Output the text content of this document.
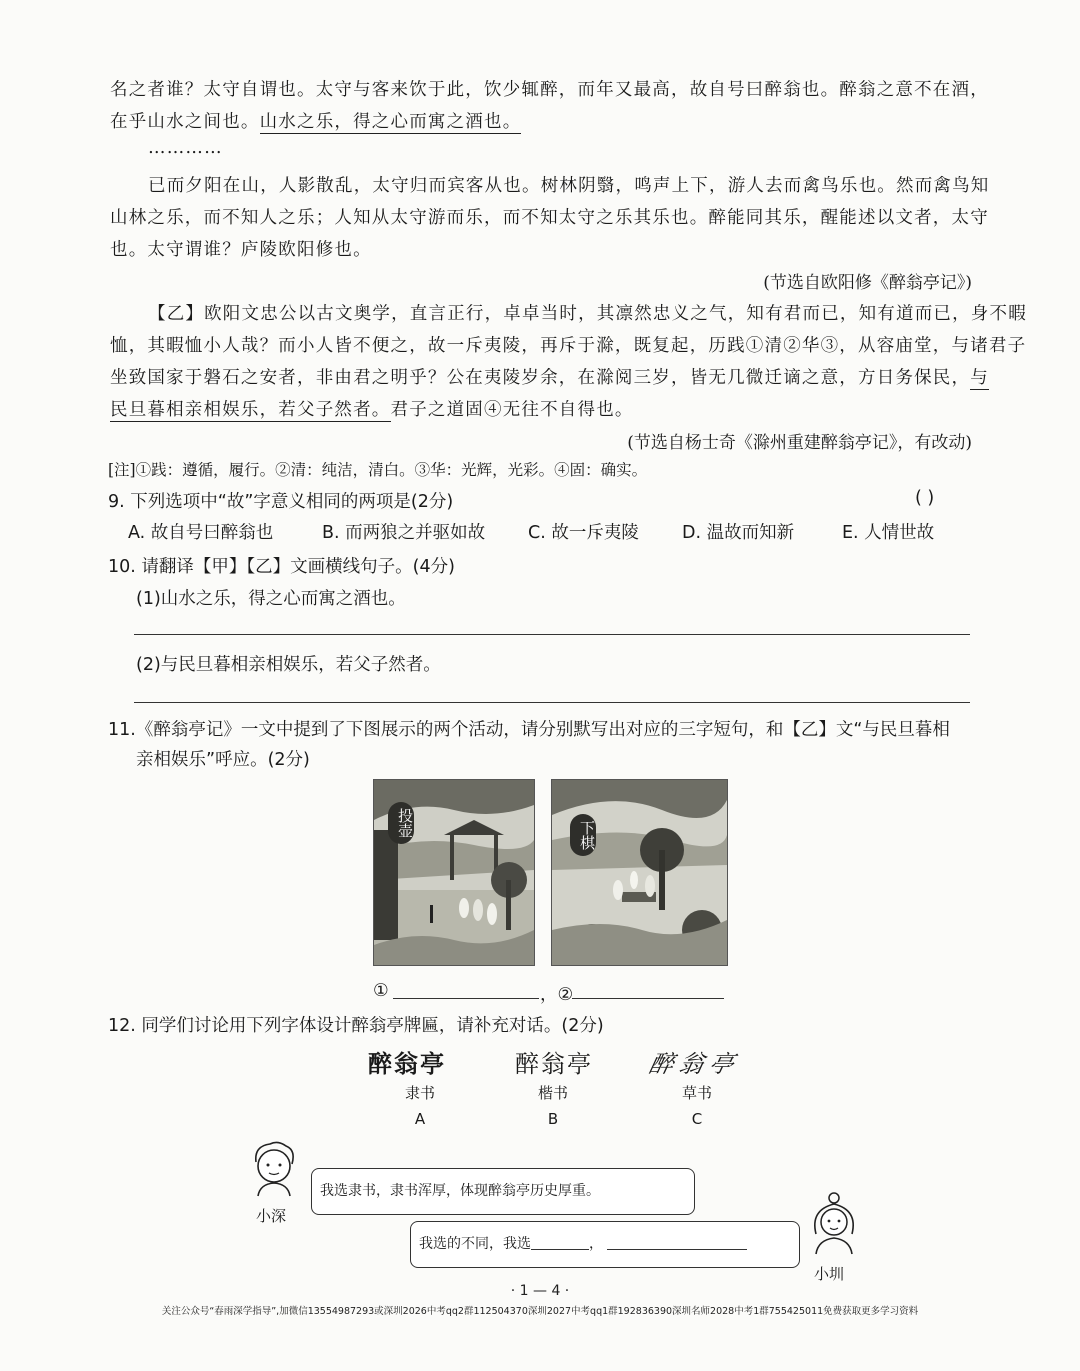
名之者谁？太守自谓也。太守与客来饮于此，饮少辄醉，而年又最高，故自号曰醉翁也。醉翁之意不在酒，
在乎山水之间也。山水之乐，得之心而寓之酒也。
…………
已而夕阳在山，人影散乱，太守归而宾客从也。树林阴翳，鸣声上下，游人去而禽鸟乐也。然而禽鸟知
山林之乐，而不知人之乐；人知从太守游而乐，而不知太守之乐其乐也。醉能同其乐，醒能述以文者，太守
也。太守谓谁？庐陵欧阳修也。
(节选自欧阳修《醉翁亭记》)
【乙】欧阳文忠公以古文奥学，直言正行，卓卓当时，其凛然忠义之气，知有君而已，知有道而已，身不暇
恤，其暇恤小人哉？而小人皆不便之，故一斥夷陵，再斥于滁，既复起，历践①清②华③，从容庙堂，与诸君子
坐致国家于磐石之安者，非由君之明乎？公在夷陵岁余，在滁阅三岁，皆无几微迁谪之意，方日务保民，与
民旦暮相亲相娱乐，若父子然者。君子之道固④无往不自得也。
(节选自杨士奇《滁州重建醉翁亭记》，有改动)
[注]①践：遵循，履行。②清：纯洁，清白。③华：光辉，光彩。④固：确实。
9. 下列选项中“故”字意义相同的两项是(2分)	( )
A. 故自号曰醉翁也	B. 而两狼之并驱如故 C. 故一斥夷陵 D. 温故而知新	E. 人情世故
10. 请翻译【甲】【乙】文画横线句子。(4分)
(1)山水之乐，得之心而寓之酒也。
(2)与民旦暮相亲相娱乐，若父子然者。
11.《醉翁亭记》一文中提到了下图展示的两个活动，请分别默写出对应的三字短句，和【乙】文“与民旦暮相
亲相娱乐”呼应。(2分)
投壶	下棋
①	，②
12. 同学们讨论用下列字体设计醉翁亭牌匾，请补充对话。(2分)
醉翁亭	醉翁亭 醉翁亭
隶书	楷书	草书
A	B	C
小深
我选隶书，隶书浑厚，体现醉翁亭历史厚重。
我选的不同，我选	，
小圳
· 1 — 4 ·
关注公众号“春雨深学指导”,加微信13554987293或深圳2026中考qq2群112504370深圳2027中考qq1群192836390深圳名师2028中考1群755425011免费获取更多学习资料
